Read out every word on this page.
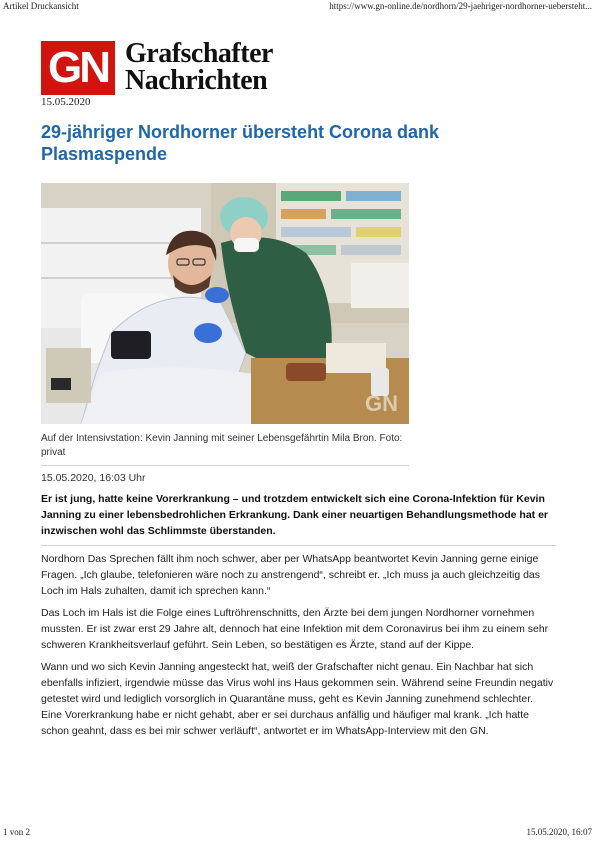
Artikel Druckansicht	https://www.gn-online.de/nordhorn/29-jaehriger-nordhorner-uebersteht...
GN Grafschafter
Nachrichten
15.05.2020
29-jähriger Nordhorner übersteht Corona dank Plasmaspende
GN
Auf der Intensivstation: Kevin Janning mit seiner Lebensgefährtin Mila Bron. Foto: privat
15.05.2020, 16:03 Uhr

Er ist jung, hatte keine Vorerkrankung – und trotzdem entwickelt sich eine Corona-Infektion für Kevin Janning zu einer lebensbedrohlichen Erkrankung. Dank einer neuartigen Behandlungsmethode hat er inzwischen wohl das Schlimmste überstanden.

Nordhorn Das Sprechen fällt ihm noch schwer, aber per WhatsApp beantwortet Kevin Janning gerne einige Fragen. „Ich glaube, telefonieren wäre noch zu anstrengend“, schreibt er. „Ich muss ja auch gleichzeitig das Loch im Hals zuhalten, damit ich sprechen kann.“

Das Loch im Hals ist die Folge eines Luftröhrenschnitts, den Ärzte bei dem jungen Nordhorner vornehmen mussten. Er ist zwar erst 29 Jahre alt, dennoch hat eine Infektion mit dem Coronavirus bei ihm zu einem sehr schweren Krankheitsverlauf geführt. Sein Leben, so bestätigen es Ärzte, stand auf der Kippe.

Wann und wo sich Kevin Janning angesteckt hat, weiß der Grafschafter nicht genau. Ein Nachbar hat sich ebenfalls infiziert, irgendwie müsse das Virus wohl ins Haus gekommen sein. Während seine Freundin negativ getestet wird und lediglich vorsorglich in Quarantäne muss, geht es Kevin Janning zunehmend schlechter. Eine Vorerkrankung habe er nicht gehabt, aber er sei durchaus anfällig und häufiger mal krank. „Ich hatte schon geahnt, dass es bei mir schwer verläuft“, antwortet er im WhatsApp-Interview mit den GN.

1 von 2	15.05.2020, 16:07
